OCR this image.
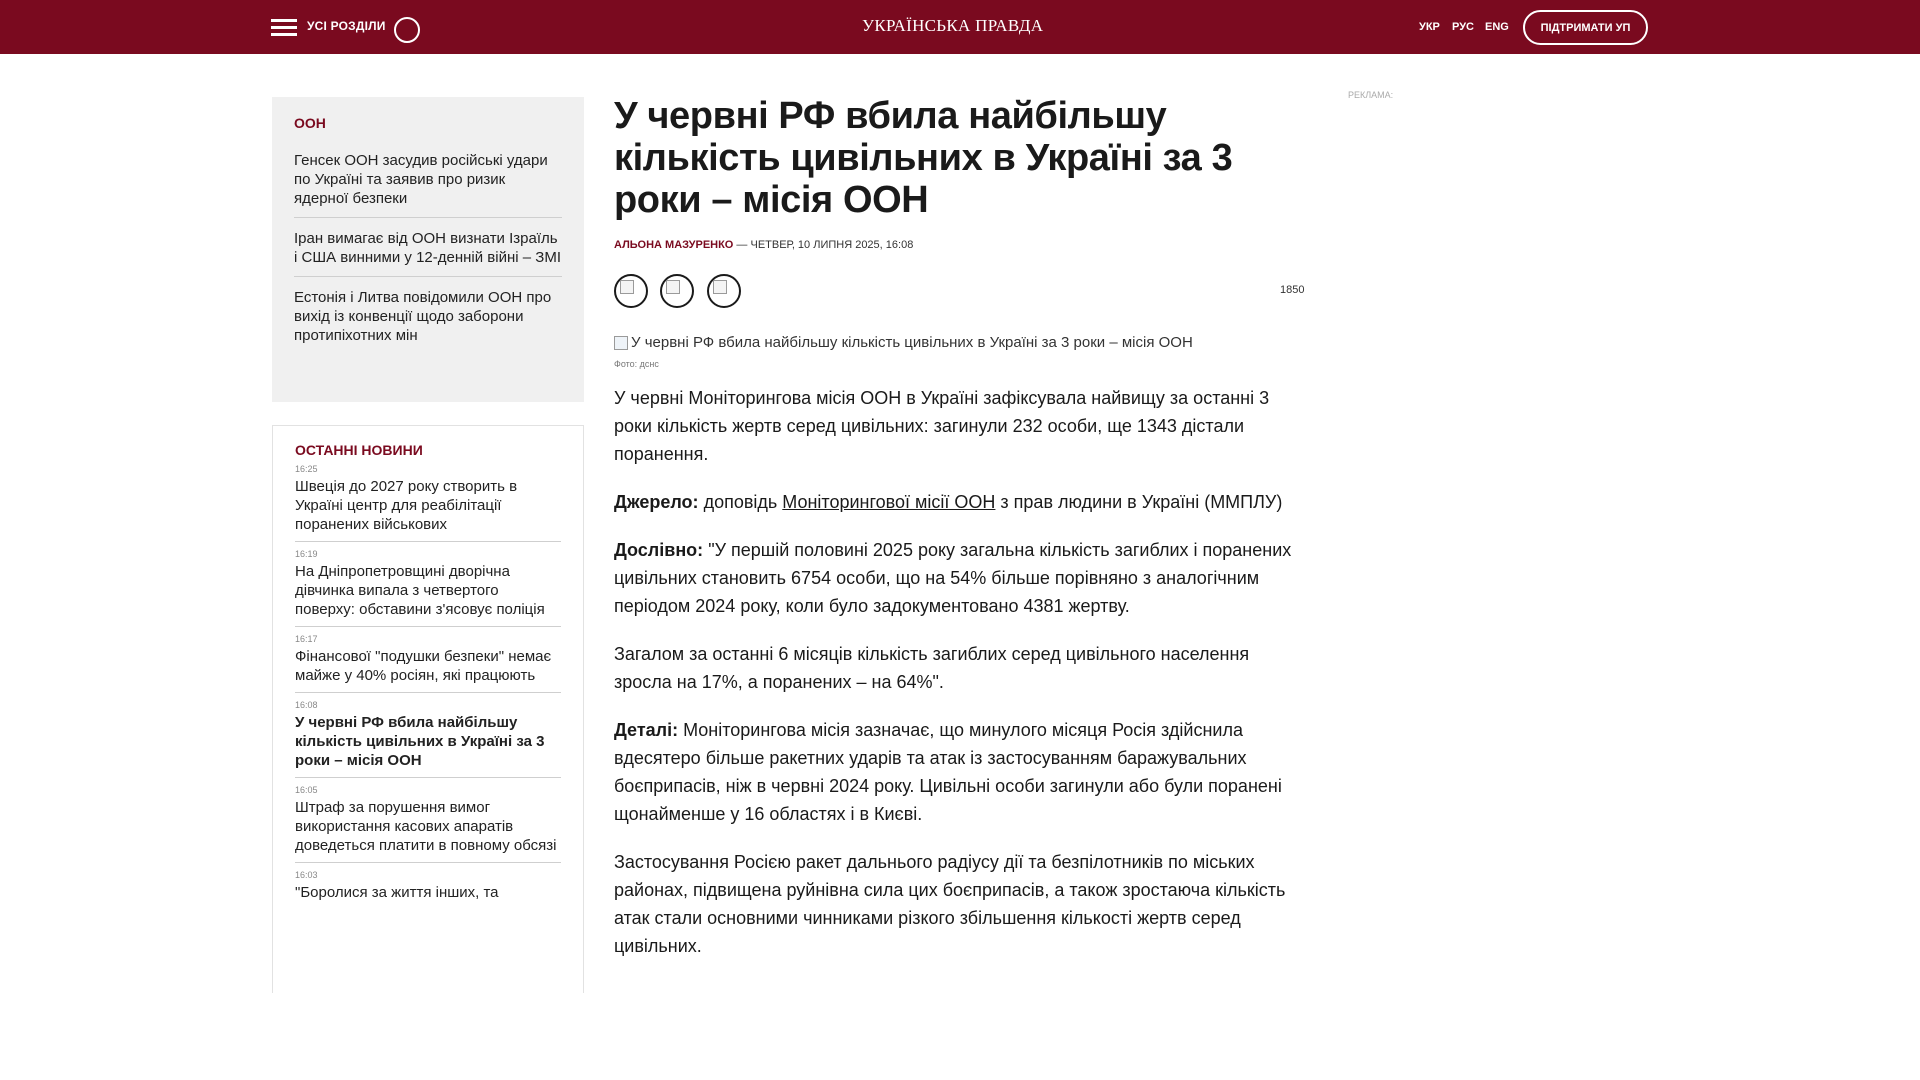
УСІ РОЗДІЛИ	УКРАЇНСЬКА ПРАВДА	УКР РУС ENG	ПІДТРИМАТИ УП
ООН
Генсек ООН засудив російські удари по Україні та заявив про ризик ядерної безпеки
Іран вимагає від ООН визнати Ізраїль і США винними у 12-денній війні – ЗМІ
Естонія і Литва повідомили ООН про вихід із конвенції щодо заборони протипіхотних мін
ОСТАННІ НОВИНИ
16:25
Швеція до 2027 року створить в Україні центр для реабілітації поранених військових
16:19
На Дніпропетровщині дворічна дівчинка випала з четвертого поверху: обставини з'ясовує поліція
16:17
Фінансової "подушки безпеки" немає майже у 40% росіян, які працюють
16:08
У червні РФ вбила найбільшу кількість цивільних в Україні за 3 роки – місія ООН
16:05
Штраф за порушення вимог використання касових апаратів доведеться платити в повному обсязі
16:03
"Боролися за життя інших, та
У червні РФ вбила найбільшу кількість цивільних в Україні за 3 роки – місія ООН
АЛЬОНА МАЗУРЕНКО — ЧЕТВЕР, 10 ЛИПНЯ 2025, 16:08
1850
У червні РФ вбила найбільшу кількість цивільних в Україні за 3 роки – місія ООН
Фото: дснс

У червні Моніторингова місія ООН в Україні зафіксувала найвищу за останні 3 роки кількість жертв серед цивільних: загинули 232 особи, ще 1343 дістали поранення.

Джерело: доповідь Моніторингової місії ООН з прав людини в Україні (ММПЛУ)

Дослівно: "У першій половині 2025 року загальна кількість загиблих і поранених цивільних становить 6754 особи, що на 54% більше порівняно з аналогічним періодом 2024 року, коли було задокументовано 4381 жертву.

Загалом за останні 6 місяців кількість загиблих серед цивільного населення зросла на 17%, а поранених – на 64%".

Деталі: Моніторингова місія зазначає, що минулого місяця Росія здійснила вдесятеро більше ракетних ударів та атак із застосуванням баражувальних боєприпасів, ніж в червні 2024 року. Цивільні особи загинули або були поранені щонайменше у 16 областях і в Києві.

Застосування Росією ракет дальнього радіусу дії та безпілотників по міських районах, підвищена руйнівна сила цих боєприпасів, а також зростаюча кількість атак стали основними чинниками різкого збільшення кількості жертв серед цивільних.

РЕКЛАМА:
